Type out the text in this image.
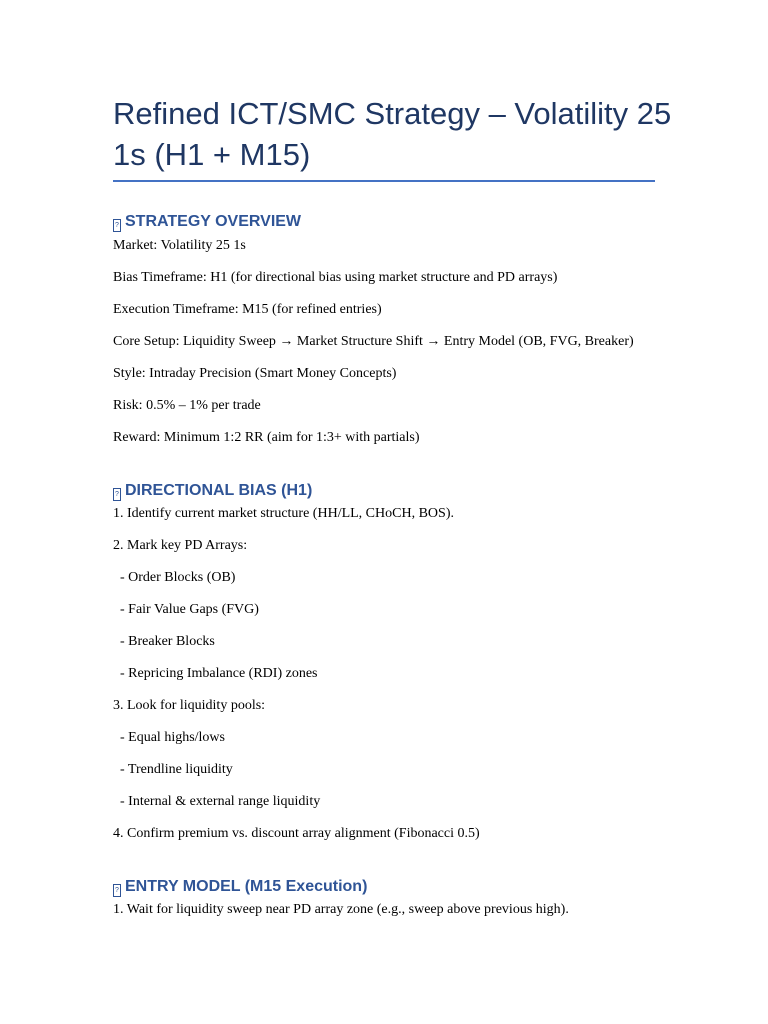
Refined ICT/SMC Strategy – Volatility 25 1s (H1 + M15)
? STRATEGY OVERVIEW

Market: Volatility 25 1s

Bias Timeframe: H1 (for directional bias using market structure and PD arrays)

Execution Timeframe: M15 (for refined entries)

Core Setup: Liquidity Sweep → Market Structure Shift → Entry Model (OB, FVG, Breaker)

Style: Intraday Precision (Smart Money Concepts)

Risk: 0.5% – 1% per trade

Reward: Minimum 1:2 RR (aim for 1:3+ with partials)

? DIRECTIONAL BIAS (H1)

1. Identify current market structure (HH/LL, CHoCH, BOS).

2. Mark key PD Arrays:

- Order Blocks (OB)

- Fair Value Gaps (FVG)

- Breaker Blocks

- Repricing Imbalance (RDI) zones

3. Look for liquidity pools:

- Equal highs/lows

- Trendline liquidity

- Internal & external range liquidity

4. Confirm premium vs. discount array alignment (Fibonacci 0.5)

? ENTRY MODEL (M15 Execution)

1. Wait for liquidity sweep near PD array zone (e.g., sweep above previous high).
